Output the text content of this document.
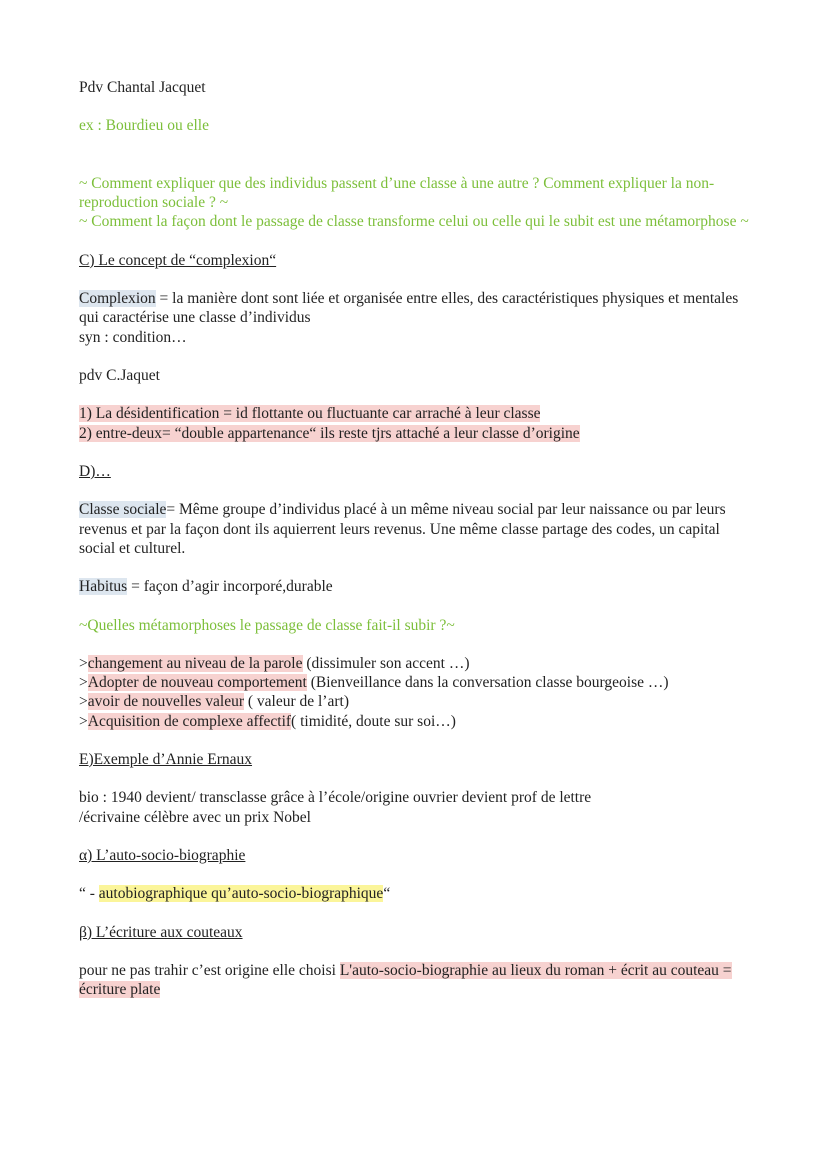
Pdv Chantal Jacquet

ex : Bourdieu ou elle

~ Comment expliquer que des individus passent d’une classe à une autre ? Comment expliquer la non-reproduction sociale ? ~

~ Comment la façon dont le passage de classe transforme celui ou celle qui le subit est une métamorphose ~

C) Le concept de “complexion“

Complexion = la manière dont sont liée et organisée entre elles, des caractéristiques physiques et mentales qui caractérise une classe d’individus

syn : condition…

pdv C.Jaquet

1) La désidentification = id flottante ou fluctuante car arraché à leur classe

2) entre-deux= “double appartenance“ ils reste tjrs attaché a leur classe d’origine

D)…

Classe sociale= Même groupe d’individus placé à un même niveau social par leur naissance ou par leurs revenus et par la façon dont ils aquierrent leurs revenus. Une même classe partage des codes, un capital social et culturel.

Habitus = façon d’agir incorporé,durable

~Quelles métamorphoses le passage de classe fait-il subir ?~

>changement au niveau de la parole (dissimuler son accent …)

>Adopter de nouveau comportement (Bienveillance dans la conversation classe bourgeoise …)

>avoir de nouvelles valeur ( valeur de l’art)

>Acquisition de complexe affectif( timidité, doute sur soi…)

E)Exemple d’Annie Ernaux

bio : 1940 devient/ transclasse grâce à l’école/origine ouvrier devient prof de lettre

/écrivaine célèbre avec un prix Nobel

α) L’auto-socio-biographie

“ - autobiographique qu’auto-socio-biographique“

β) L’écriture aux couteaux

pour ne pas trahir c’est origine elle choisi L'auto-socio-biographie au lieux du roman + écrit au couteau = écriture plate
